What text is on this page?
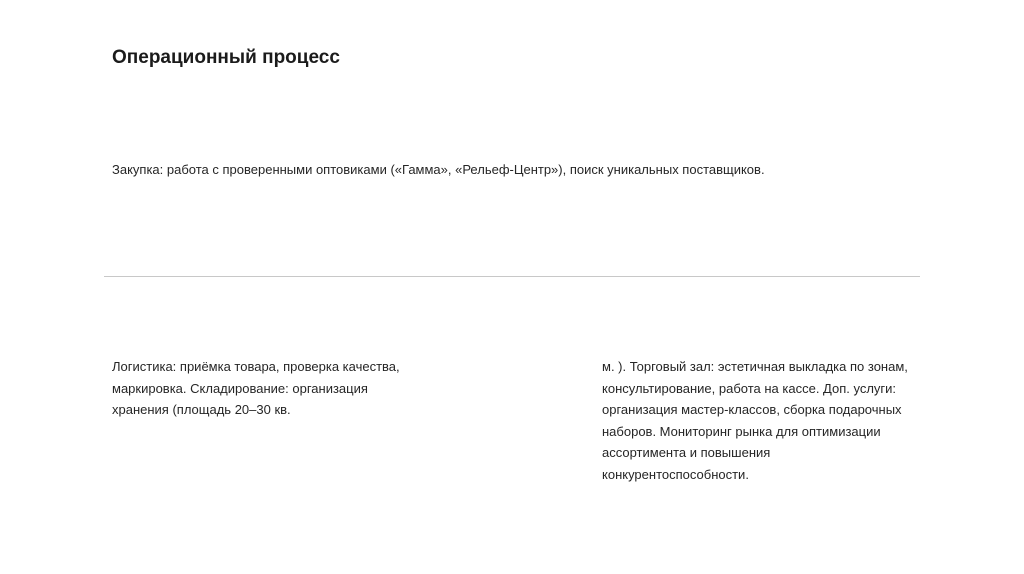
Операционный процесс

Закупка: работа с проверенными оптовиками («Гамма», «Рельеф-Центр»), поиск уникальных поставщиков.

Логистика: приёмка товара, проверка качества,
маркировка. Складирование: организация
хранения (площадь 20–30 кв.
м. ). Торговый зал: эстетичная выкладка по зонам,
консультирование, работа на кассе. Доп. услуги:
организация мастер-классов, сборка подарочных
наборов. Мониторинг рынка для оптимизации
ассортимента и повышения
конкурентоспособности.
